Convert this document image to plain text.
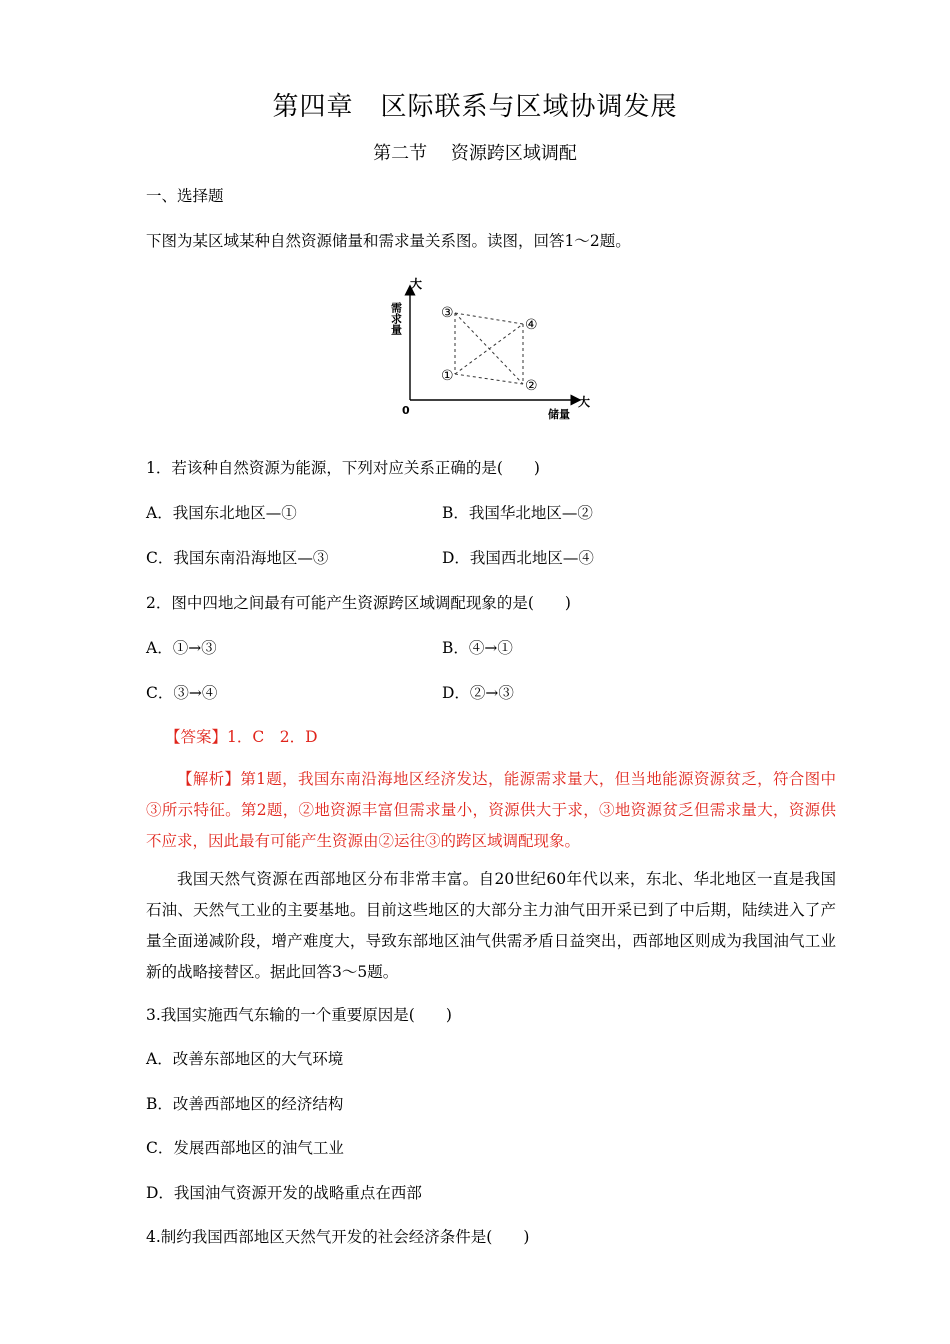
第四章　区际联系与区域协调发展
第二节　 资源跨区域调配
一、选择题
下图为某区域某种自然资源储量和需求量关系图。读图，回答1～2题。
大
需求量
大
储量
0
③
④
①
②
1．若该种自然资源为能源，下列对应关系正确的是(　　)
A．我国东北地区—①	B．我国华北地区—②
C．我国东南沿海地区—③	D．我国西北地区—④
2．图中四地之间最有可能产生资源跨区域调配现象的是(　　)
A．①→③	B．④→①
C．③→④	D．②→③
【答案】1．C　2．D
【解析】第1题，我国东南沿海地区经济发达，能源需求量大，但当地能源资源贫乏，符合图中③所示特征。第2题，②地资源丰富但需求量小，资源供大于求，③地资源贫乏但需求量大，资源供不应求，因此最有可能产生资源由②运往③的跨区域调配现象。
我国天然气资源在西部地区分布非常丰富。自20世纪60年代以来，东北、华北地区一直是我国石油、天然气工业的主要基地。目前这些地区的大部分主力油气田开采已到了中后期，陆续进入了产量全面递减阶段，增产难度大，导致东部地区油气供需矛盾日益突出，西部地区则成为我国油气工业新的战略接替区。据此回答3～5题。
3.我国实施西气东输的一个重要原因是(　　)
A．改善东部地区的大气环境
B．改善西部地区的经济结构
C．发展西部地区的油气工业
D．我国油气资源开发的战略重点在西部
4.制约我国西部地区天然气开发的社会经济条件是(　　)
